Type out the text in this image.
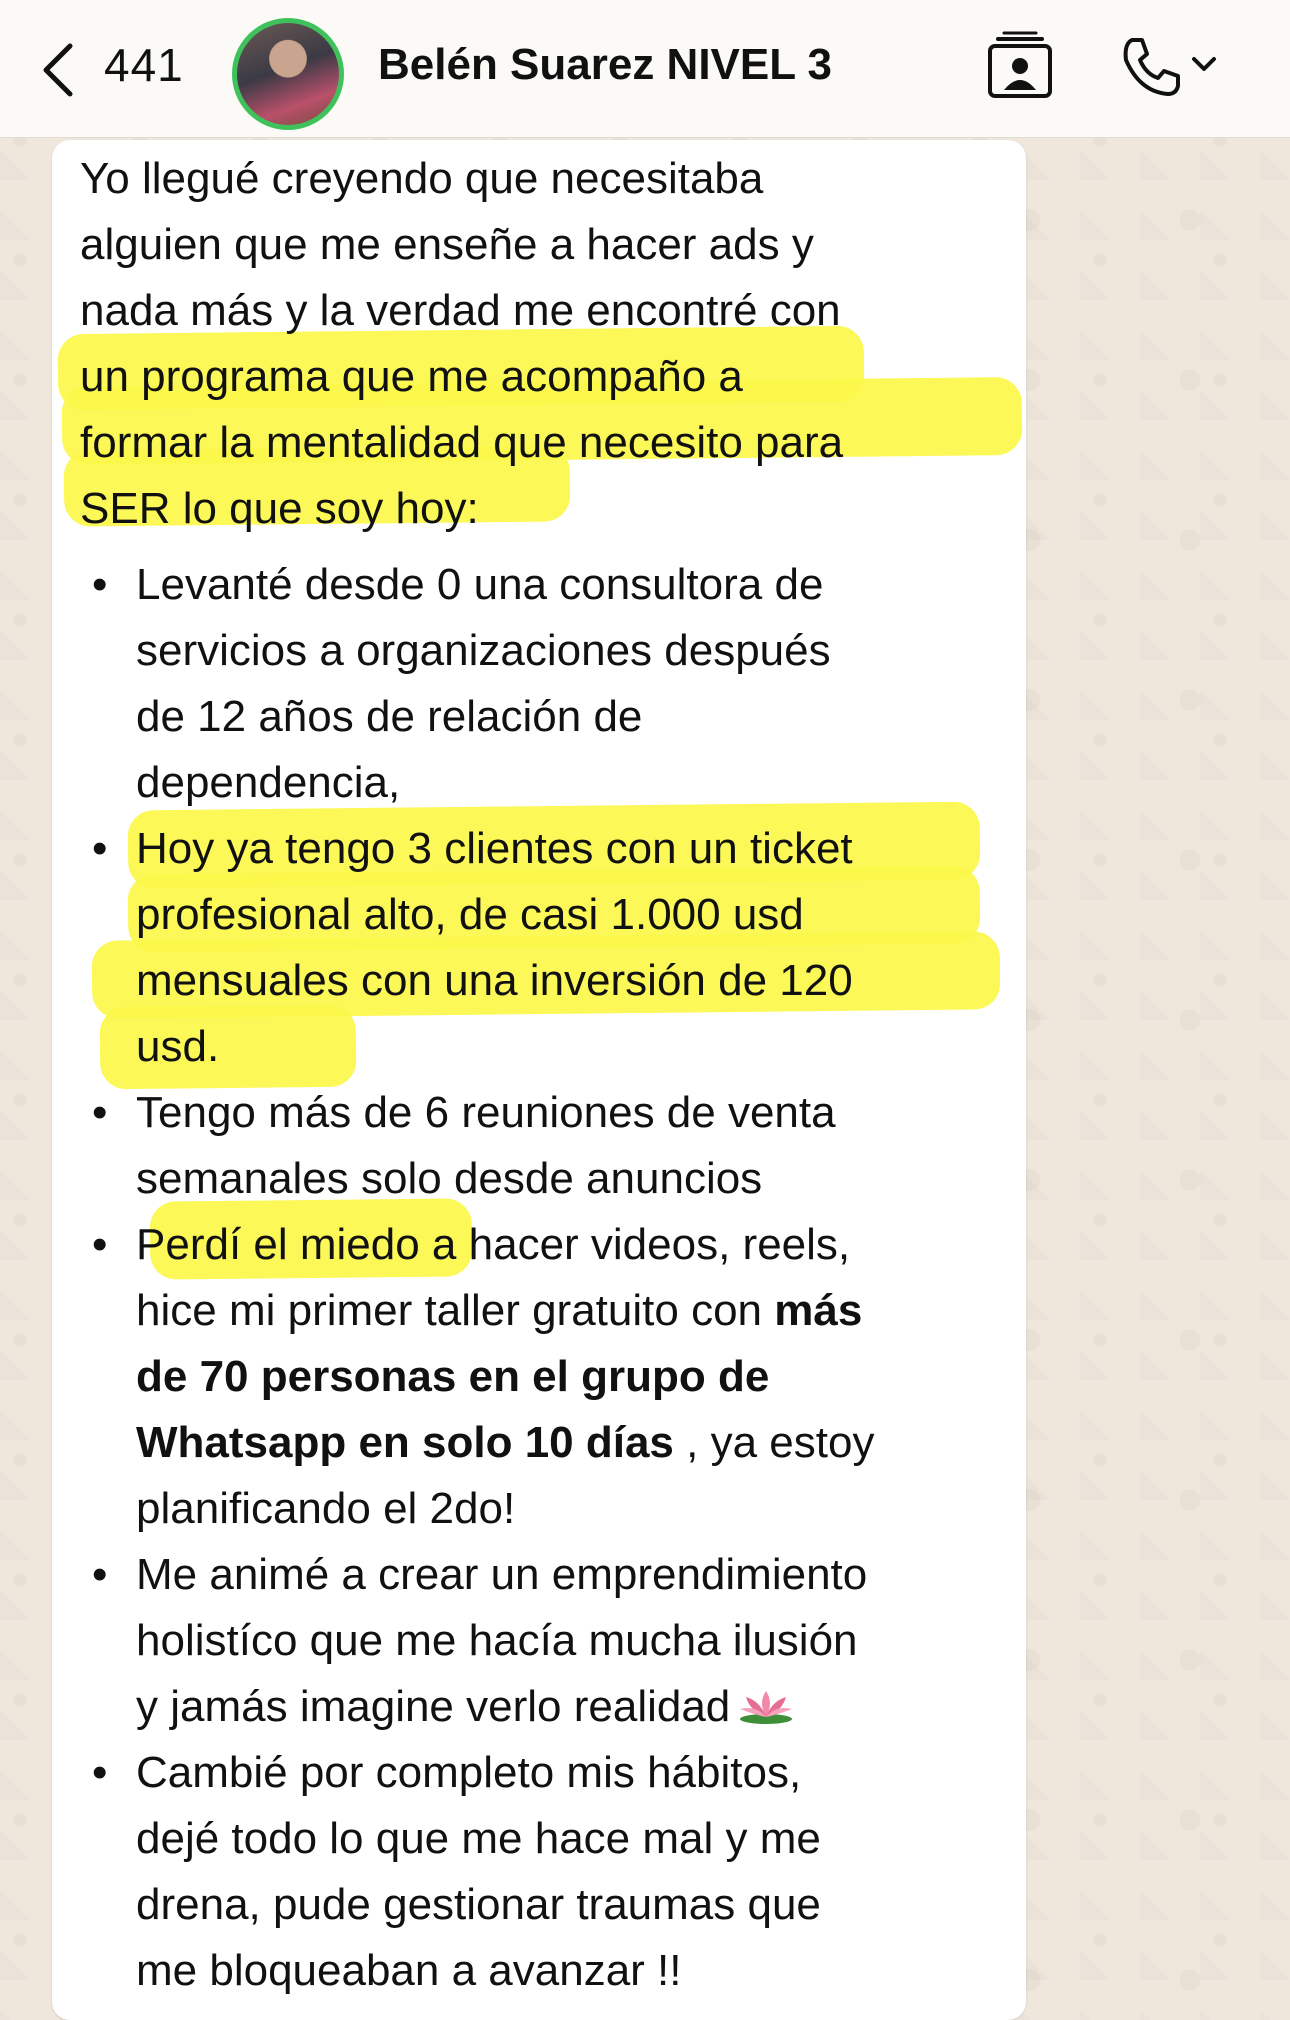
441	Belén Suarez NIVEL 3

Yo llegué creyendo que necesitaba

alguien que me enseñe a hacer ads y

nada más y la verdad me encontré con

un programa que me acompaño a

formar la mentalidad que necesito para

SER lo que soy hoy:

• Levanté desde 0 una consultora de
servicios a organizaciones después
de 12 años de relación de
dependencia,
• Hoy ya tengo 3 clientes con un ticket
profesional alto, de casi 1.000 usd
mensuales con una inversión de 120
usd.
• Tengo más de 6 reuniones de venta
semanales solo desde anuncios
• Perdí el miedo a hacer videos, reels,
hice mi primer taller gratuito con más
de 70 personas en el grupo de
Whatsapp en solo 10 días , ya estoy
planificando el 2do!
• Me animé a crear un emprendimiento
holistíco que me hacía mucha ilusión
y jamás imagine verlo realidad
• Cambié por completo mis hábitos,
dejé todo lo que me hace mal y me
drena, pude gestionar traumas que
me bloqueaban a avanzar !!
